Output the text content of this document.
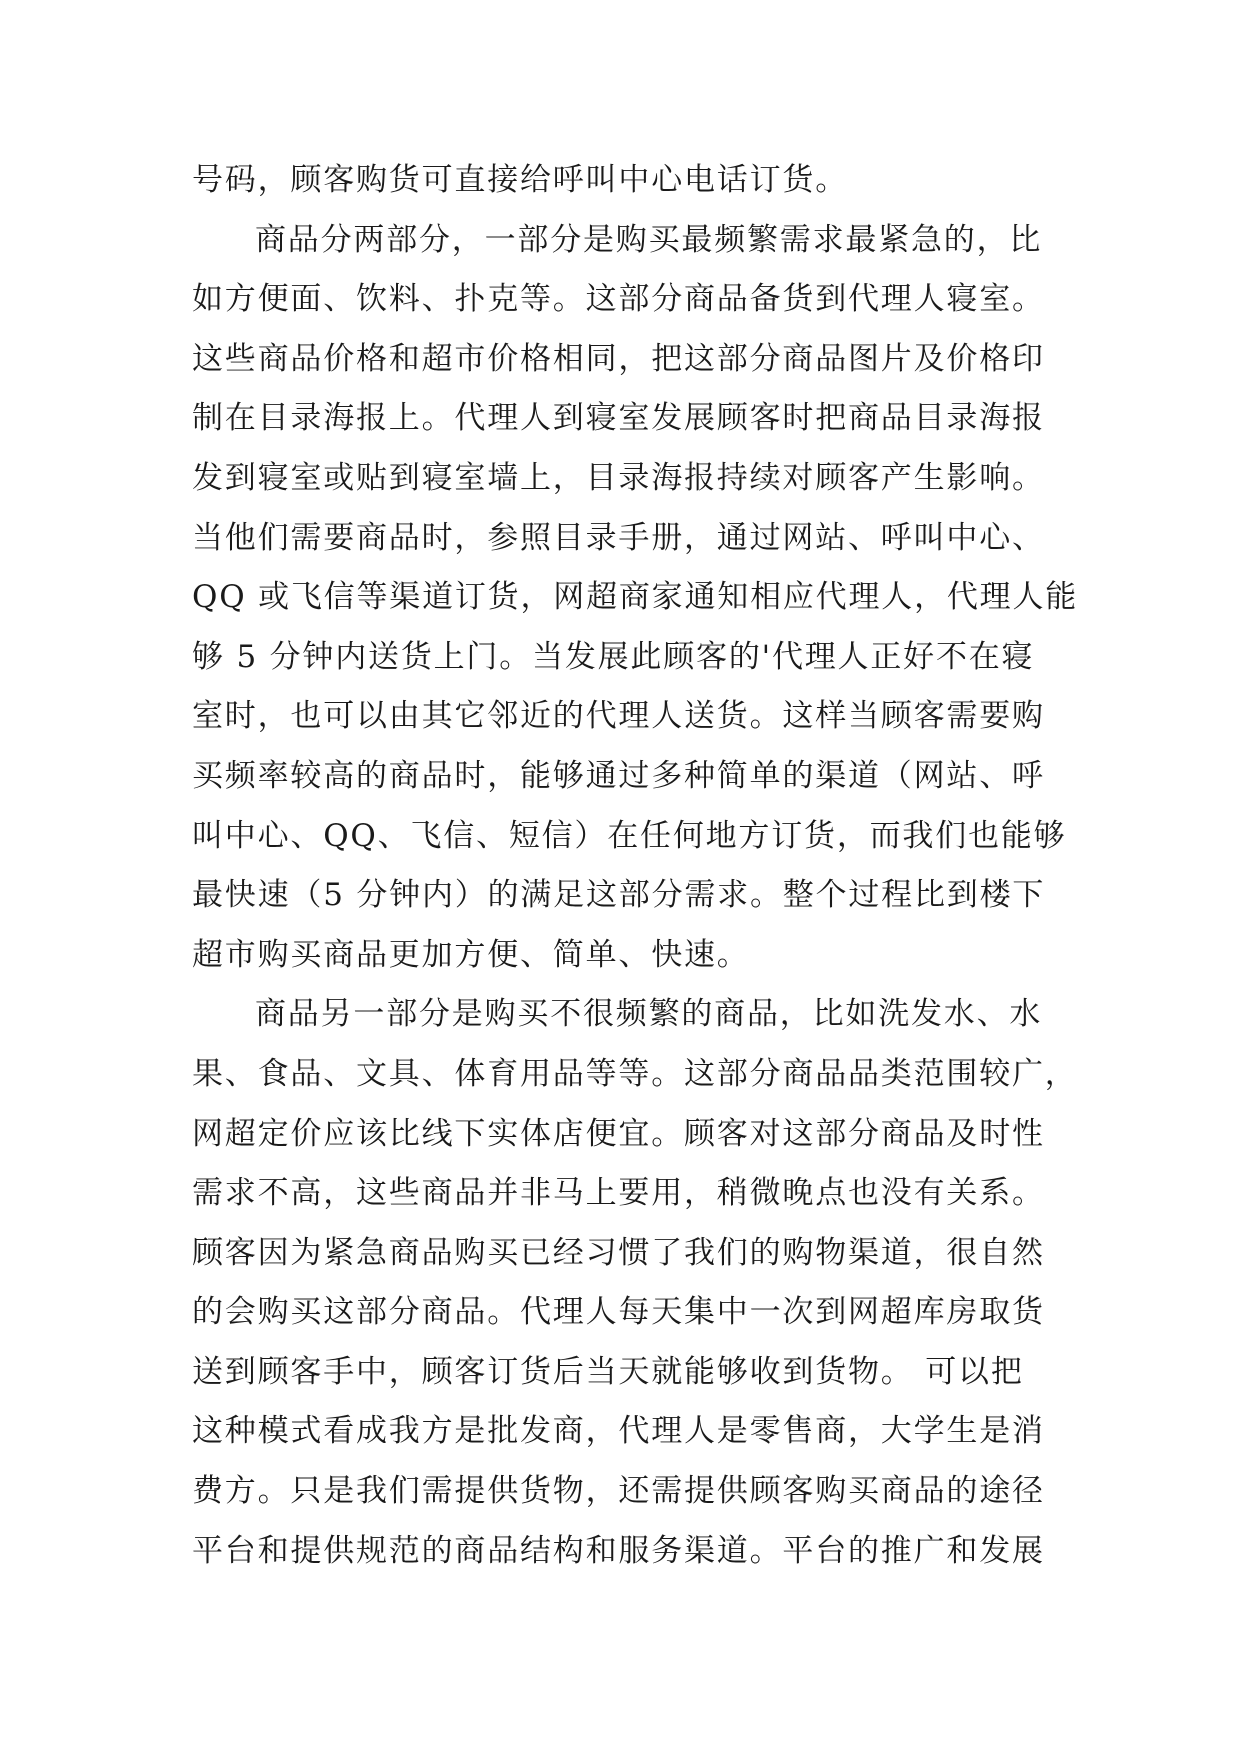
号码，顾客购货可直接给呼叫中心电话订货。
商品分两部分，一部分是购买最频繁需求最紧急的，比
如方便面、饮料、扑克等。这部分商品备货到代理人寝室。
这些商品价格和超市价格相同，把这部分商品图片及价格印
制在目录海报上。代理人到寝室发展顾客时把商品目录海报
发到寝室或贴到寝室墙上，目录海报持续对顾客产生影响。
当他们需要商品时，参照目录手册，通过网站、呼叫中心、
QQ 或飞信等渠道订货，网超商家通知相应代理人，代理人能
够 5 分钟内送货上门。当发展此顾客的'代理人正好不在寝
室时，也可以由其它邻近的代理人送货。这样当顾客需要购
买频率较高的商品时，能够通过多种简单的渠道（网站、呼
叫中心、QQ、飞信、短信）在任何地方订货，而我们也能够
最快速（5 分钟内）的满足这部分需求。整个过程比到楼下
超市购买商品更加方便、简单、快速。
商品另一部分是购买不很频繁的商品，比如洗发水、水
果、食品、文具、体育用品等等。这部分商品品类范围较广，
网超定价应该比线下实体店便宜。顾客对这部分商品及时性
需求不高，这些商品并非马上要用，稍微晚点也没有关系。
顾客因为紧急商品购买已经习惯了我们的购物渠道，很自然
的会购买这部分商品。代理人每天集中一次到网超库房取货
送到顾客手中，顾客订货后当天就能够收到货物。 可以把
这种模式看成我方是批发商，代理人是零售商，大学生是消
费方。只是我们需提供货物，还需提供顾客购买商品的途径
平台和提供规范的商品结构和服务渠道。平台的推广和发展
